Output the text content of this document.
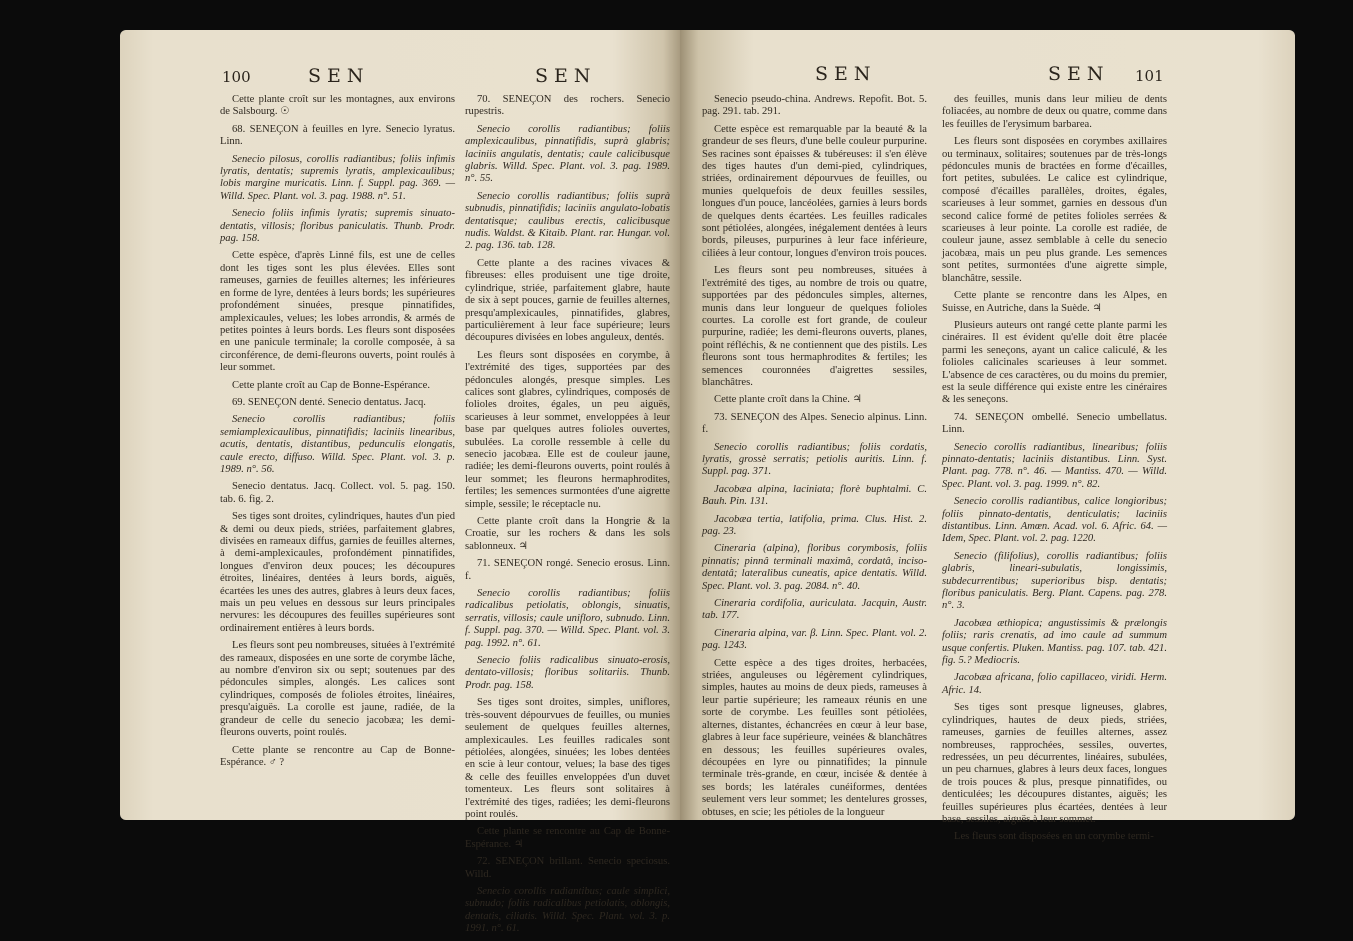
100	SEN	SEN

Cette plante croît sur les montagnes, aux environs de Salsbourg. ☉

68. SENEÇON à feuilles en lyre. Senecio lyratus. Linn.

Senecio pilosus, corollis radiantibus; foliis infimis lyratis, dentatis; supremis lyratis, amplexicaulibus; lobis margine muricatis. Linn. f. Suppl. pag. 369. — Willd. Spec. Plant. vol. 3. pag. 1988. n°. 51.

Senecio foliis infimis lyratis; supremis sinuato-dentatis, villosis; floribus paniculatis. Thunb. Prodr. pag. 158.

Cette espèce, d'après Linné fils, est une de celles dont les tiges sont les plus élevées. Elles sont rameuses, garnies de feuilles alternes; les inférieures en forme de lyre, dentées à leurs bords; les supérieures profondément sinuées, presque pinnatifides, amplexicaules, velues; les lobes arrondis, & armés de petites pointes à leurs bords. Les fleurs sont disposées en une panicule terminale; la corolle composée, à sa circonférence, de demi-fleurons ouverts, point roulés à leur sommet.

Cette plante croît au Cap de Bonne-Espérance.

69. SENEÇON denté. Senecio dentatus. Jacq.

Senecio corollis radiantibus; foliis semiamplexicaulibus, pinnatifidis; laciniis linearibus, acutis, dentatis, distantibus, pedunculis elongatis, caule erecto, diffuso. Willd. Spec. Plant. vol. 3. p. 1989. n°. 56.

Senecio dentatus. Jacq. Collect. vol. 5. pag. 150. tab. 6. fig. 2.

Ses tiges sont droites, cylindriques, hautes d'un pied & demi ou deux pieds, striées, parfaitement glabres, divisées en rameaux diffus, garnies de feuilles alternes, à demi-amplexicaules, profondément pinnatifides, longues d'environ deux pouces; les découpures étroites, linéaires, dentées à leurs bords, aiguës, écartées les unes des autres, glabres à leurs deux faces, mais un peu velues en dessous sur leurs principales nervures: les découpures des feuilles supérieures sont ordinairement entières à leurs bords.

Les fleurs sont peu nombreuses, situées à l'extrémité des rameaux, disposées en une sorte de corymbe lâche, au nombre d'environ six ou sept; soutenues par des pédoncules simples, alongés. Les calices sont cylindriques, composés de folioles étroites, linéaires, presqu'aiguës. La corolle est jaune, radiée, de la grandeur de celle du senecio jacobæa; les demi-fleurons ouverts, point roulés.

Cette plante se rencontre au Cap de Bonne-Espérance. ♂ ?

70. SENEÇON des rochers. Senecio rupestris.

Senecio corollis radiantibus; foliis amplexicaulibus, pinnatifidis, suprà glabris; laciniis angulatis, dentatis; caule calicibusque glabris. Willd. Spec. Plant. vol. 3. pag. 1989. n°. 55.

Senecio corollis radiantibus; foliis suprà subnudis, pinnatifidis; laciniis angulato-lobatis dentatisque; caulibus erectis, calicibusque nudis. Waldst. & Kitaib. Plant. rar. Hungar. vol. 2. pag. 136. tab. 128.

Cette plante a des racines vivaces & fibreuses: elles produisent une tige droite, cylindrique, striée, parfaitement glabre, haute de six à sept pouces, garnie de feuilles alternes, presqu'amplexicaules, pinnatifides, glabres, particulièrement à leur face supérieure; leurs découpures divisées en lobes anguleux, dentés.

Les fleurs sont disposées en corymbe, à l'extrémité des tiges, supportées par des pédoncules alongés, presque simples. Les calices sont glabres, cylindriques, composés de folioles droites, égales, un peu aiguës, scarieuses à leur sommet, enveloppées à leur base par quelques autres folioles ouvertes, subulées. La corolle ressemble à celle du senecio jacobæa. Elle est de couleur jaune, radiée; les demi-fleurons ouverts, point roulés à leur sommet; les fleurons hermaphrodites, fertiles; les semences surmontées d'une aigrette simple, sessile; le réceptacle nu.

Cette plante croît dans la Hongrie & la Croatie, sur les rochers & dans les sols sablonneux. ♃

71. SENEÇON rongé. Senecio erosus. Linn. f.

Senecio corollis radiantibus; foliis radicalibus petiolatis, oblongis, sinuatis, serratis, villosis; caule unifloro, subnudo. Linn. f. Suppl. pag. 370. — Willd. Spec. Plant. vol. 3. pag. 1992. n°. 61.

Senecio foliis radicalibus sinuato-erosis, dentato-villosis; floribus solitariis. Thunb. Prodr. pag. 158.

Ses tiges sont droites, simples, uniflores, très-souvent dépourvues de feuilles, ou munies seulement de quelques feuilles alternes, amplexicaules. Les feuilles radicales sont pétiolées, alongées, sinuées; les lobes dentées en scie à leur contour, velues; la base des tiges & celle des feuilles enveloppées d'un duvet tomenteux. Les fleurs sont solitaires à l'extrémité des tiges, radiées; les demi-fleurons point roulés.

Cette plante se rencontre au Cap de Bonne-Espérance. ♃

72. SENEÇON brillant. Senecio speciosus. Willd.

Senecio corollis radiantibus; caule simplici, subnudo; foliis radicalibus petiolatis, oblongis, dentatis, ciliatis. Willd. Spec. Plant. vol. 3. p. 1991. n°. 61.

SEN	SEN 101

Senecio pseudo-china. Andrews. Repofit. Bot. 5. pag. 291. tab. 291.

Cette espèce est remarquable par la beauté & la grandeur de ses fleurs, d'une belle couleur purpurine. Ses racines sont épaisses & tubéreuses: il s'en élève des tiges hautes d'un demi-pied, cylindriques, striées, ordinairement dépourvues de feuilles, ou munies quelquefois de deux feuilles sessiles, longues d'un pouce, lancéolées, garnies à leurs bords de quelques dents écartées. Les feuilles radicales sont pétiolées, alongées, inégalement dentées à leurs bords, pileuses, purpurines à leur face inférieure, ciliées à leur contour, longues d'environ trois pouces.

Les fleurs sont peu nombreuses, situées à l'extrémité des tiges, au nombre de trois ou quatre, supportées par des pédoncules simples, alternes, munis dans leur longueur de quelques folioles courtes. La corolle est fort grande, de couleur purpurine, radiée; les demi-fleurons ouverts, planes, point réfléchis, & ne contiennent que des pistils. Les fleurons sont tous hermaphrodites & fertiles; les semences couronnées d'aigrettes sessiles, blanchâtres.

Cette plante croît dans la Chine. ♃

73. SENEÇON des Alpes. Senecio alpinus. Linn. f.

Senecio corollis radiantibus; foliis cordatis, lyratis, grossè serratis; petiolis auritis. Linn. f. Suppl. pag. 371.

Jacobæa alpina, laciniata; florè buphtalmi. C. Bauh. Pin. 131.

Jacobæa tertia, latifolia, prima. Clus. Hist. 2. pag. 23.

Cineraria (alpina), floribus corymbosis, foliis pinnatis; pinnâ terminali maximâ, cordatâ, inciso-dentatâ; lateralibus cuneatis, apice dentatis. Willd. Spec. Plant. vol. 3. pag. 2084. n°. 40.

Cineraria cordifolia, auriculata. Jacquin, Austr. tab. 177.

Cineraria alpina, var. β. Linn. Spec. Plant. vol. 2. pag. 1243.

Cette espèce a des tiges droites, herbacées, striées, anguleuses ou légèrement cylindriques, simples, hautes au moins de deux pieds, rameuses à leur partie supérieure; les rameaux réunis en une sorte de corymbe. Les feuilles sont pétiolées, alternes, distantes, échancrées en cœur à leur base, glabres à leur face supérieure, veinées & blanchâtres en dessous; les feuilles supérieures ovales, découpées en lyre ou pinnatifides; la pinnule terminale très-grande, en cœur, incisée & dentée à ses bords; les latérales cunéiformes, dentées seulement vers leur sommet; les dentelures grosses, obtuses, en scie; les pétioles de la longueur

des feuilles, munis dans leur milieu de dents foliacées, au nombre de deux ou quatre, comme dans les feuilles de l'erysimum barbarea.

Les fleurs sont disposées en corymbes axillaires ou terminaux, solitaires; soutenues par de très-longs pédoncules munis de bractées en forme d'écailles, fort petites, subulées. Le calice est cylindrique, composé d'écailles parallèles, droites, égales, scarieuses à leur sommet, garnies en dessous d'un second calice formé de petites folioles serrées & scarieuses à leur pointe. La corolle est radiée, de couleur jaune, assez semblable à celle du senecio jacobæa, mais un peu plus grande. Les semences sont petites, surmontées d'une aigrette simple, blanchâtre, sessile.

Cette plante se rencontre dans les Alpes, en Suisse, en Autriche, dans la Suède. ♃

Plusieurs auteurs ont rangé cette plante parmi les cinéraires. Il est évident qu'elle doit être placée parmi les seneçons, ayant un calice caliculé, & les folioles calicinales scarieuses à leur sommet. L'absence de ces caractères, ou du moins du premier, est la seule différence qui existe entre les cinéraires & les seneçons.

74. SENEÇON ombellé. Senecio umbellatus. Linn.

Senecio corollis radiantibus, linearibus; foliis pinnato-dentatis; laciniis distantibus. Linn. Syst. Plant. pag. 778. n°. 46. — Mantiss. 470. — Willd. Spec. Plant. vol. 3. pag. 1999. n°. 82.

Senecio corollis radiantibus, calice longioribus; foliis pinnato-dentatis, denticulatis; laciniis distantibus. Linn. Amœn. Acad. vol. 6. Afric. 64. — Idem, Spec. Plant. vol. 2. pag. 1220.

Senecio (filifolius), corollis radiantibus; foliis glabris, lineari-subulatis, longissimis, subdecurrentibus; superioribus bisp. dentatis; floribus paniculatis. Berg. Plant. Capens. pag. 278. n°. 3.

Jacobæa æthiopica; angustissimis & prælongis foliis; raris crenatis, ad imo caule ad summum usque confertis. Pluken. Mantiss. pag. 107. tab. 421. fig. 5.? Mediocris.

Jacobæa africana, folio capillaceo, viridi. Herm. Afric. 14.

Ses tiges sont presque ligneuses, glabres, cylindriques, hautes de deux pieds, striées, rameuses, garnies de feuilles alternes, assez nombreuses, rapprochées, sessiles, ouvertes, redressées, un peu décurrentes, linéaires, subulées, un peu charnues, glabres à leurs deux faces, longues de trois pouces & plus, presque pinnatifides, ou denticulées; les découpures distantes, aiguës; les feuilles supérieures plus écartées, dentées à leur base, sessiles, aiguës à leur sommet.

Les fleurs sont disposées en un corymbe termi-
